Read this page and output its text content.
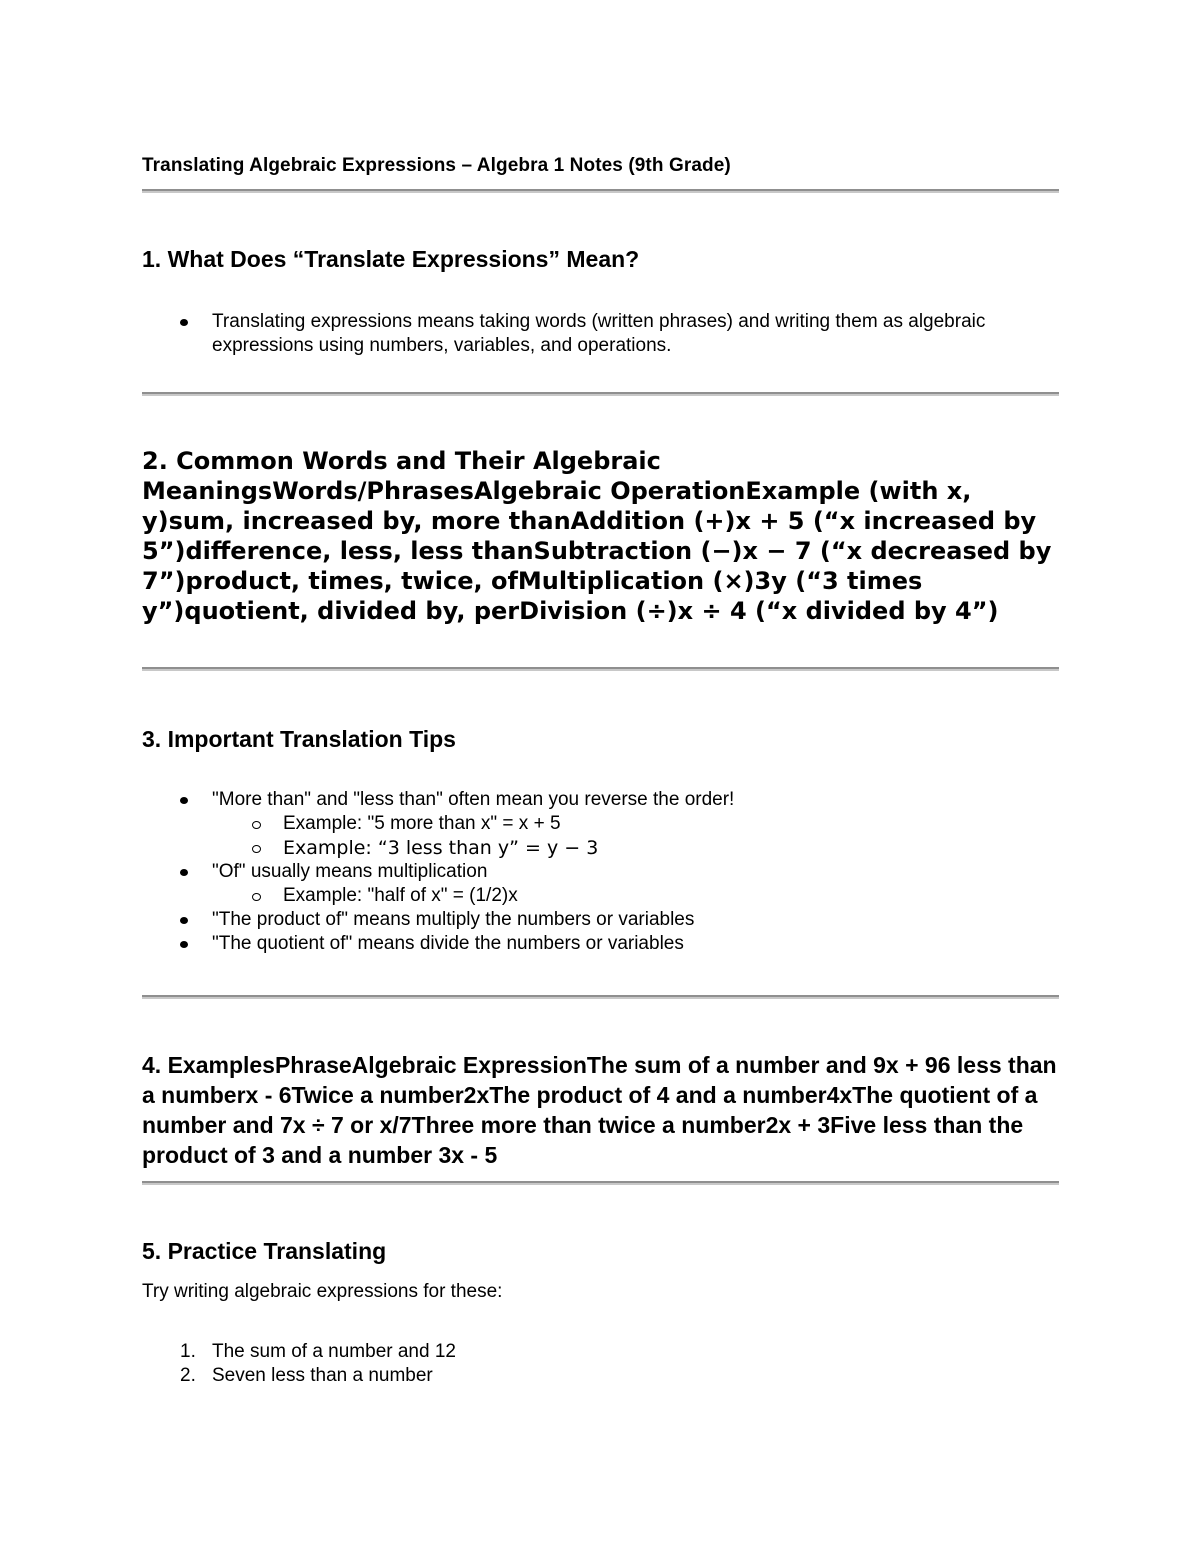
Translating Algebraic Expressions – Algebra 1 Notes (9th Grade)
1. What Does “Translate Expressions” Mean?
Translating expressions means taking words (written phrases) and writing them as algebraic expressions using numbers, variables, and operations.
2. Common Words and Their Algebraic MeaningsWords/PhrasesAlgebraic OperationExample (with x, y)sum, increased by, more thanAddition (+)x + 5 (“x increased by 5”)difference, less, less thanSubtraction (−)x − 7 (“x decreased by 7”)product, times, twice, ofMultiplication (×)3y (“3 times y”)quotient, divided by, perDivision (÷)x ÷ 4 (“x divided by 4”)
3. Important Translation Tips
"More than" and "less than" often mean you reverse the order!
Example: "5 more than x" = x + 5
Example: “3 less than y” = y − 3
"Of" usually means multiplication
Example: "half of x" = (1/2)x
"The product of" means multiply the numbers or variables
"The quotient of" means divide the numbers or variables
4. ExamplesPhraseAlgebraic ExpressionThe sum of a number and 9x + 96 less than a numberx - 6Twice a number2xThe product of 4 and a number4xThe quotient of a number and 7x ÷ 7 or x/7Three more than twice a number2x + 3Five less than the product of 3 and a number 3x - 5
5. Practice Translating

Try writing algebraic expressions for these:

1. The sum of a number and 12
2. Seven less than a number
